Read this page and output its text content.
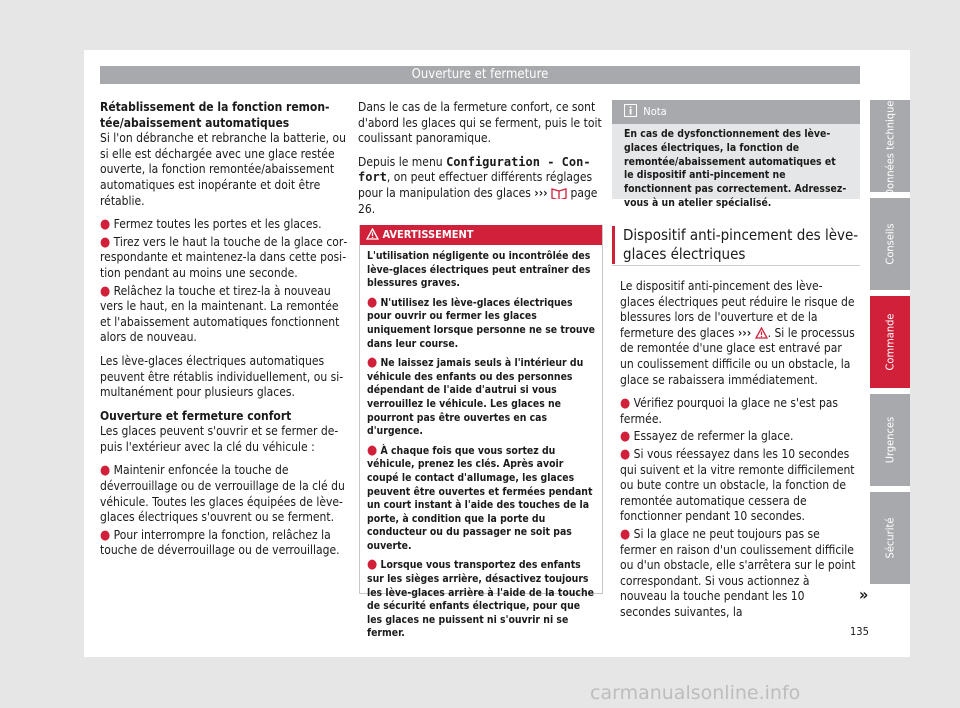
Ouverture et fermeture

Rétablissement de la fonction remontée/abaissement automatiques

Si l'on débranche et rebranche la batterie, ou si elle est déchargée avec une glace restée ouverte, la fonction remontée/abaissement automatiques est inopérante et doit être rétablie.

● Fermez toutes les portes et les glaces.

● Tirez vers le haut la touche de la glace correspondante et maintenez-la dans cette position pendant au moins une seconde.

● Relâchez la touche et tirez-la à nouveau vers le haut, en la maintenant. La remontée et l'abaissement automatiques fonctionnent alors de nouveau.

Les lève-glaces électriques automatiques peuvent être rétablis individuellement, ou simultanément pour plusieurs glaces.

Ouverture et fermeture confort

Les glaces peuvent s'ouvrir et se fermer depuis l'extérieur avec la clé du véhicule :

● Maintenir enfoncée la touche de déverrouillage ou de verrouillage de la clé du véhicule. Toutes les glaces équipées de lève-glaces électriques s'ouvrent ou se ferment.

● Pour interrompre la fonction, relâchez la touche de déverrouillage ou de verrouillage.

Dans le cas de la fermeture confort, ce sont d'abord les glaces qui se ferment, puis le toit coulissant panoramique.

Depuis le menu Configuration - Confort, on peut effectuer différents réglages pour la manipulation des glaces ›››  page 26.

AVERTISSEMENT

L'utilisation négligente ou incontrôlée des lève-glaces électriques peut entraîner des blessures graves.

● N'utilisez les lève-glaces électriques pour ouvrir ou fermer les glaces uniquement lorsque personne ne se trouve dans leur course.

● Ne laissez jamais seuls à l'intérieur du véhicule des enfants ou des personnes dépendant de l'aide d'autrui si vous verrouillez le véhicule. Les glaces ne pourront pas être ouvertes en cas d'urgence.

● À chaque fois que vous sortez du véhicule, prenez les clés. Après avoir coupé le contact d'allumage, les glaces peuvent être ouvertes et fermées pendant un court instant à l'aide des touches de la porte, à condition que la porte du conducteur ou du passager ne soit pas ouverte.

● Lorsque vous transportez des enfants sur les sièges arrière, désactivez toujours les lève-glaces arrière à l'aide de la touche de sécurité enfants électrique, pour que les glaces ne puissent ni s'ouvrir ni se fermer.

Nota
En cas de dysfonctionnement des lève-glaces électriques, la fonction de remontée/abaissement automatiques et le dispositif anti-pincement ne fonctionnent pas correctement. Adressez-vous à un atelier spécialisé.
Dispositif anti-pincement des lèveglaces électriques

Le dispositif anti-pincement des lève-glaces électriques peut réduire le risque de blessures lors de l'ouverture et de la fermeture des glaces ››› . Si le processus de remontée d'une glace est entravé par un coulissement difficile ou un obstacle, la glace se rabaissera immédiatement.

● Vérifiez pourquoi la glace ne s'est pas fermée.

● Essayez de refermer la glace.

● Si vous réessayez dans les 10 secondes qui suivent et la vitre remonte difficilement ou bute contre un obstacle, la fonction de remontée automatique cessera de fonctionner pendant 10 secondes.

● Si la glace ne peut toujours pas se fermer en raison d'un coulissement difficile ou d'un obstacle, elle s'arrêtera sur le point correspondant. Si vous actionnez à nouveau la touche pendant les 10 secondes suivantes, la

Données techniques
Conseils
Commande
Urgences
Sécurité
»
135
carmanualsonline.info
